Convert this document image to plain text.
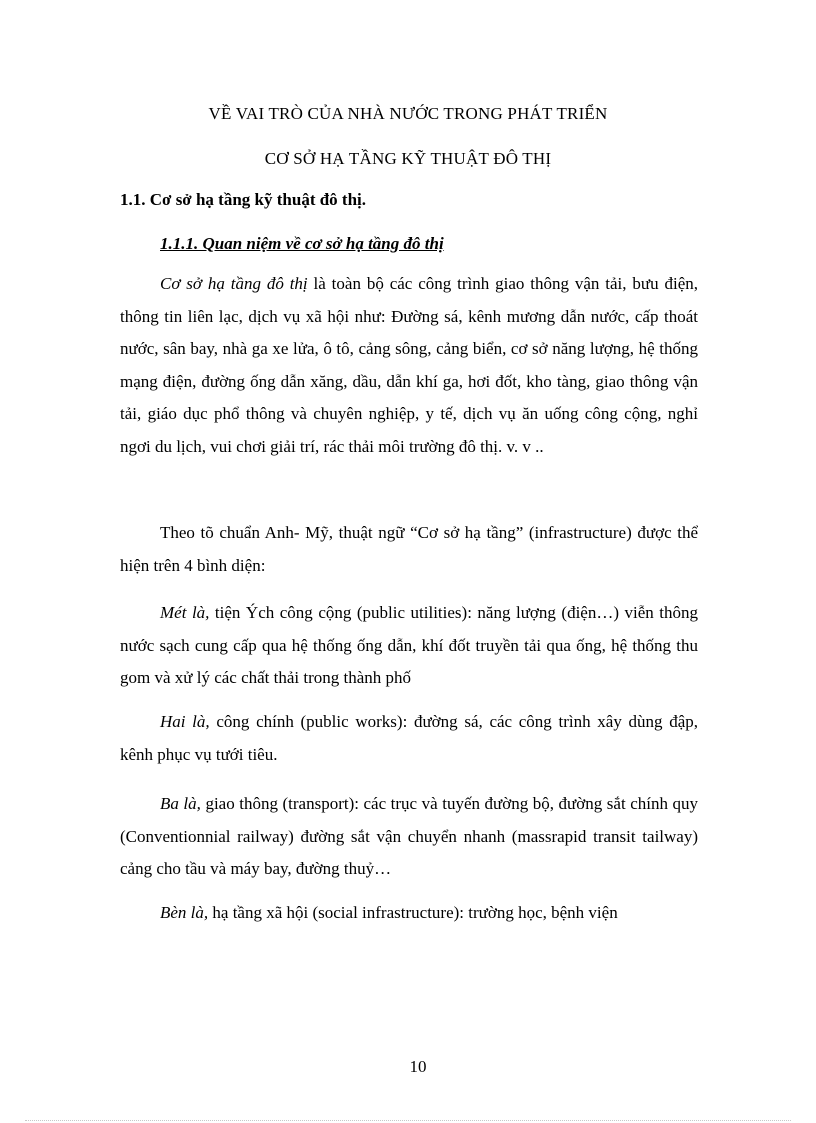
VỀ VAI TRÒ CỦA NHÀ NƯỚC TRONG PHÁT TRIỂN
CƠ SỞ HẠ TẦNG KỸ THUẬT ĐÔ THỊ
1.1. Cơ sở hạ tầng kỹ thuật đô thị.
1.1.1. Quan niệm về cơ sở hạ tầng đô thị

Cơ sở hạ tầng đô thị là toàn bộ các công trình giao thông vận tải, bưu điện, thông tin liên lạc, dịch vụ xã hội như: Đường sá, kênh mương dẫn nước, cấp thoát nước, sân bay, nhà ga xe lửa, ô tô, cảng sông, cảng biển, cơ sở năng lượng, hệ thống mạng điện, đường ống dẫn xăng, dầu, dẫn khí ga, hơi đốt, kho tàng, giao thông vận tải, giáo dục phổ thông và chuyên nghiệp, y tế, dịch vụ ăn uống công cộng, nghỉ ngơi du lịch, vui chơi giải trí, rác thải môi trường đô thị. v. v ..

Theo tõ chuẩn Anh- Mỹ, thuật ngữ “Cơ sở hạ tầng” (infrastructure) được thể hiện trên 4 bình diện:

Mét là, tiện Ých công cộng (public utilities): năng lượng (điện…) viễn thông nước sạch cung cấp qua hệ thống ống dẫn, khí đốt truyền tải qua ống, hệ thống thu gom và xử lý các chất thải trong thành phố

Hai là, công chính (public works): đường sá, các công trình xây dùng đập, kênh phục vụ tưới tiêu.

Ba là, giao thông (transport): các trục và tuyến đường bộ, đường sắt chính quy (Conventionnial railway) đường sắt vận chuyển nhanh (massrapid transit tailway) cảng cho tầu và máy bay, đường thuỷ…

Bèn là, hạ tầng xã hội (social infrastructure): trường học, bệnh viện

10
